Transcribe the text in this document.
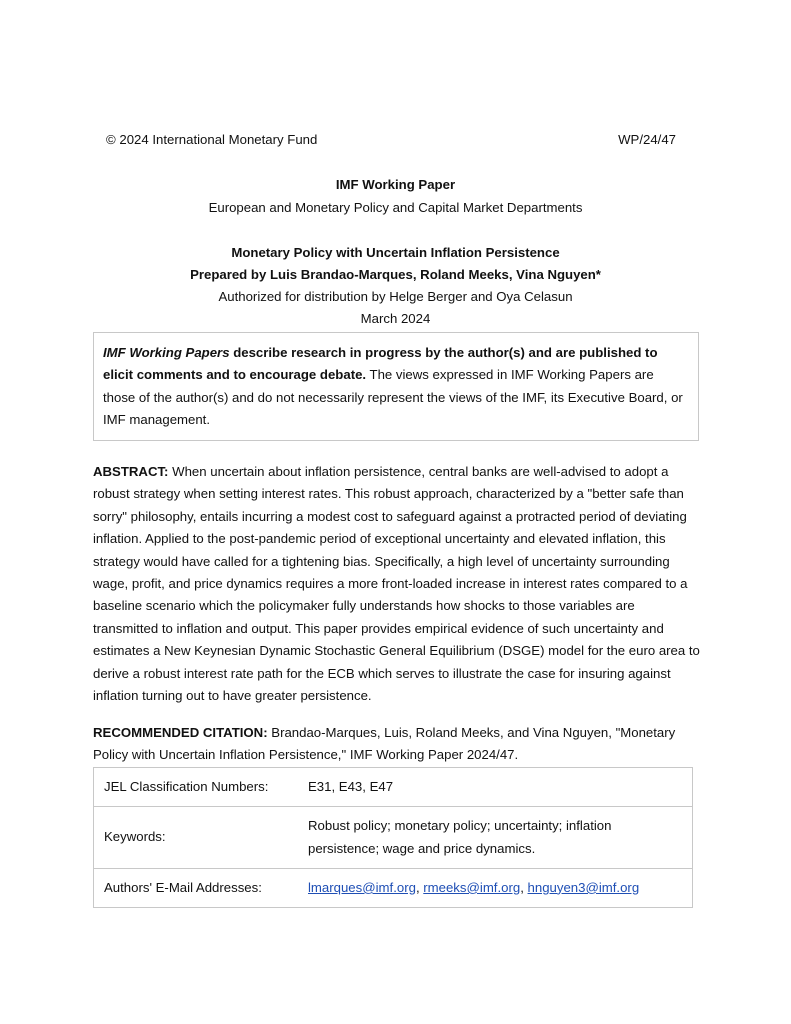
© 2024 International Monetary Fund	WP/24/47
IMF Working Paper
European and Monetary Policy and Capital Market Departments
Monetary Policy with Uncertain Inflation Persistence
Prepared by Luis Brandao-Marques, Roland Meeks, Vina Nguyen*
Authorized for distribution by Helge Berger and Oya Celasun
March 2024
IMF Working Papers describe research in progress by the author(s) and are published to elicit comments and to encourage debate. The views expressed in IMF Working Papers are those of the author(s) and do not necessarily represent the views of the IMF, its Executive Board, or IMF management.
ABSTRACT: When uncertain about inflation persistence, central banks are well-advised to adopt a robust strategy when setting interest rates. This robust approach, characterized by a "better safe than sorry" philosophy, entails incurring a modest cost to safeguard against a protracted period of deviating inflation. Applied to the post-pandemic period of exceptional uncertainty and elevated inflation, this strategy would have called for a tightening bias. Specifically, a high level of uncertainty surrounding wage, profit, and price dynamics requires a more front-loaded increase in interest rates compared to a baseline scenario which the policymaker fully understands how shocks to those variables are transmitted to inflation and output. This paper provides empirical evidence of such uncertainty and estimates a New Keynesian Dynamic Stochastic General Equilibrium (DSGE) model for the euro area to derive a robust interest rate path for the ECB which serves to illustrate the case for insuring against inflation turning out to have greater persistence.
RECOMMENDED CITATION: Brandao-Marques, Luis, Roland Meeks, and Vina Nguyen, "Monetary Policy with Uncertain Inflation Persistence," IMF Working Paper 2024/47.
JEL Classification Numbers:	E31, E43, E47
Keywords:	Robust policy; monetary policy; uncertainty; inflation persistence; wage and price dynamics.
Authors' E-Mail Addresses:	lmarques@imf.org, rmeeks@imf.org, hnguyen3@imf.org
